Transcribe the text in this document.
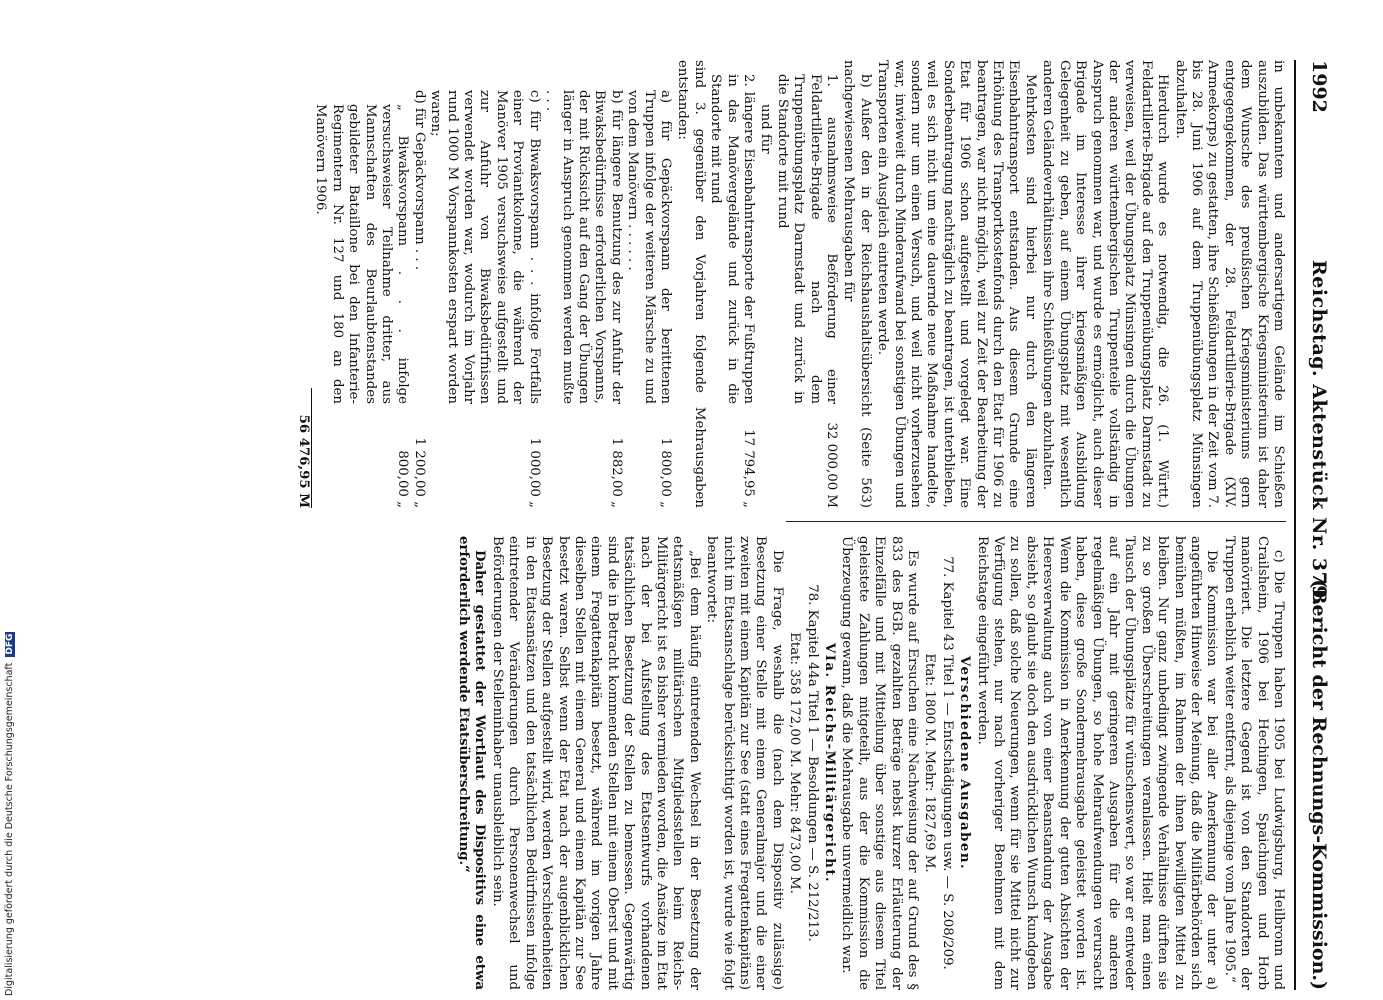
1992
Reichstag. Aktenstück Nr. 379.
(Bericht der Rechnungs-Kommission.)

in unbekanntem und andersartigem Gelände im Schießen auszubilden. Das württembergische Kriegsministerium ist daher dem Wunsche des preußischen Kriegsministeriums gern entgegengekommen, der 28. Feldartillerie-Brigade (XIV. Armeekorps) zu gestatten, ihre Schießübungen in der Zeit vom 7. bis 28. Juni 1906 auf dem Truppenübungsplatz Münsingen abzuhalten.

Hierdurch wurde es notwendig, die 26. (1. Württ.) Feldartillerie-Brigade auf den Truppenübungsplatz Darmstadt zu verweisen, weil der Übungsplatz Münsingen durch die Übungen der anderen württembergischen Truppenteile vollständig in Anspruch genommen war, und wurde es ermöglicht, auch dieser Brigade im Interesse ihrer kriegsmäßigen Ausbildung Gelegenheit zu geben, auf einem Übungsplatz mit wesentlich anderen Geländeverhältnissen ihre Schießübungen abzuhalten.

Mehrkosten sind hierbei nur durch den längeren Eisenbahntransport entstanden. Aus diesem Grunde eine Erhöhung des Transportkostenfonds durch den Etat für 1906 zu beantragen, war nicht möglich, weil zur Zeit der Bearbeitung der Etat für 1906 schon aufgestellt und vorgelegt war. Eine Sonderbeantragung nachträglich zu beantragen, ist unterblieben, weil es sich nicht um eine dauernde neue Maßnahme handelte, sondern nur um einen Versuch, und weil nicht vorherzusehen war, inwieweit durch Minderaufwand bei sonstigen Übungen und Transporten ein Ausgleich eintreten werde.

b) Außer den in der Reichshaushaltsübersicht (Seite 563) nachgewiesenen Mehrausgaben für

1. ausnahmsweise Beförderung einer Feldartillerie-Brigade nach dem Truppenübungsplatz Darmstadt und zurück in die Standorte mit rund
32 000,00 M

und für

2. längere Eisenbahntransporte der Fußtruppen in das Manövergelände und zurück in die Standorte mit rund
17 794,95 „

sind 3. gegenüber den Vorjahren folgende Mehrausgaben entstanden:

a) für Gepäckvorspann der beritttenen Truppen infolge der weiteren Märsche zu und von dem Manövern . . . . . .
1 800,00 „
b) für längere Benutzung des zur Anfuhr der Biwaksbedürfnisse erforderlichen Vorspanns, der mit Rücksicht auf den Gang der Übungen länger in Anspruch genommen werden mußte . . .
1 882,00 „
c) für Biwaksvorspann . . . infolge Fortfalls einer Proviantkolonne, die während der Manöver 1905 versuchsweise aufgestellt und zur Anfuhr von Biwaksbedürfnissen verwendet worden war, wodurch im Vorjahr rund 1000 M Vorspannkosten erspart worden waren;
1 000,00 „
d) für Gepäckvorspann . . .
1 200,00 „
„ Biwaksvorspann . . . infolge versuchsweiser Teilnahme dritter, aus Mannschaften des Beurlaubtenstandes gebildeter Bataillone bei den Infanterie-Regimentern Nr. 127 und 180 an den Manövern 1906.
800,00 „
56 476,95 M

c) Die Truppen haben 1905 bei Ludwigsburg, Heilbronn und Crailsheim, 1906 bei Hechingen, Spaichingen und Horb manövriert. Die letztere Gegend ist von den Standorten der Truppen erheblich weiter entfernt, als diejenige vom Jahre 1905.“

Die Kommission war bei aller Anerkennung der unter a) angeführten Hinweise der Meinung, daß die Militärbehörden sich bemühen müßten, im Rahmen der ihnen bewilligten Mittel zu bleiben. Nur ganz unbedingt zwingende Verhältnisse dürften sie zu so großen Überschreitungen veranlassen. Hielt man einen Tausch der Übungsplätze für wünschenswert, so war er entweder auf ein Jahr mit geringeren Ausgaben für die anderen regelmäßigen Übungen, so hohe Mehraufwendungen verursacht haben, diese große Sondermehrausgabe geleistet worden ist. Wenn die Kommission in Anerkennung der guten Absichten der Heeresverwaltung auch von einer Beanstandung der Ausgabe absieht, so glaubt sie doch den ausdrücklichen Wunsch kundgeben zu sollen, daß solche Neuerungen, wenn für sie Mittel nicht zur Verfügung stehen, nur nach vorheriger Benehmen mit dem Reichstage eingeführt werden.

Verschiedene Ausgaben.

77. Kapitel 43 Titel 1 — Entschädigungen usw. — S. 208/209.

Etat: 1800 M. Mehr: 1827,69 M.

Es wurde auf Ersuchen eine Nachweisung der auf Grund des § 833 des BGB. gezahlten Beträge nebst kurzer Erläuterung der Einzelfälle und mit Mitteilung über sonstige aus diesem Titel geleistete Zahlungen mitgeteilt, aus der die Kommission die Überzeugung gewann, daß die Mehrausgabe unvermeidlich war.

VIa. Reichs-Militärgericht.

78. Kapitel 44a Titel 1 — Besoldungen — S. 212/213.

Etat: 358 172,00 M. Mehr: 8473,00 M.

Die Frage, weshalb die (nach dem Dispositiv zulässige) Besetzung einer Stelle mit einem Generalmajor und die einer zweiten mit einem Kapitän zur See (statt eines Fregattenkapitäns) nicht im Etatsanschlage berücksichtigt worden ist, wurde wie folgt beantwortet:

„Bei dem häufig eintretenden Wechsel in der Besetzung der etatsmäßigen militärischen Mitgliedsstellen beim Reichs-Militärgericht ist es bisher vermieden worden, die Ansätze im Etat nach der bei Aufstellung des Etatsentwurfs vorhandenen tatsächlichen Besetzung der Stellen zu bemessen. Gegenwärtig sind die in Betracht kommenden Stellen mit einem Oberst und mit einem Fregattenkapitän besetzt, während im vorigen Jahre dieselben Stellen mit einem General und einem Kapitän zur See besetzt waren. Selbst wenn der Etat nach der augenblicklichen Besetzung der Stellen aufgestellt wird, werden Verschiedenheiten in den Etatsansätzen und den tatsächlichen Bedürfnissen infolge eintretender Veränderungen durch Personenwechsel und Beförderungen der Stelleninhaber unausbleiblich sein.

Daher gestattet der Wortlaut des Dispositivs eine etwa erforderlich werdende Etatsüberschreitung.“

Digitalisierung gefördert durch die Deutsche Forschungsgemeinschaft DFG
